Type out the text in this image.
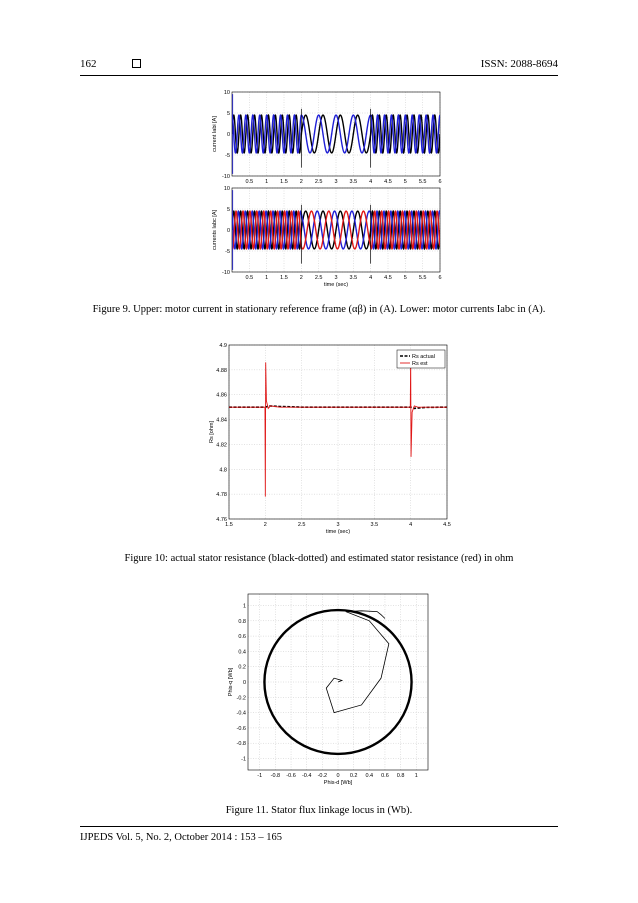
162	ISSN: 2088-8694
0.5 1 1.5 2 2.5 3 3.5 4 4.5 5 5.5 6
10
5
0
-5
-10
current Iabi [A]
0.5 1 1.5 2 2.5 3 3.5 4 4.5 5 5.5 6
10
5
0
-5
-10
currents Iabc [A]
time (sec)
Figure 9. Upper: motor current in stationary reference frame (αβ) in (A). Lower: motor currents Iabc in (A).
1.5	2	2.5	3	3.5	4	4.5
4.9
4.88
4.86
4.84
4.82
4.8
4.78
4.76
Rs [ohm]
time (sec)
Rs actual
Rs est
Figure 10: actual stator resistance (black-dotted) and estimated stator resistance (red) in ohm
-1 -0.8 -0.6 -0.4 -0.2 0 0.2 0.4 0.6 0.8 1
1
0.8
0.6
0.4
0.2
0
-0.2
-0.4
-0.6
-0.8
-1
Phis-q [Wb]
Phis-d [Wb]
Figure 11. Stator flux linkage locus in (Wb).
IJPEDS Vol. 5, No. 2, October 2014 : 153 – 165
